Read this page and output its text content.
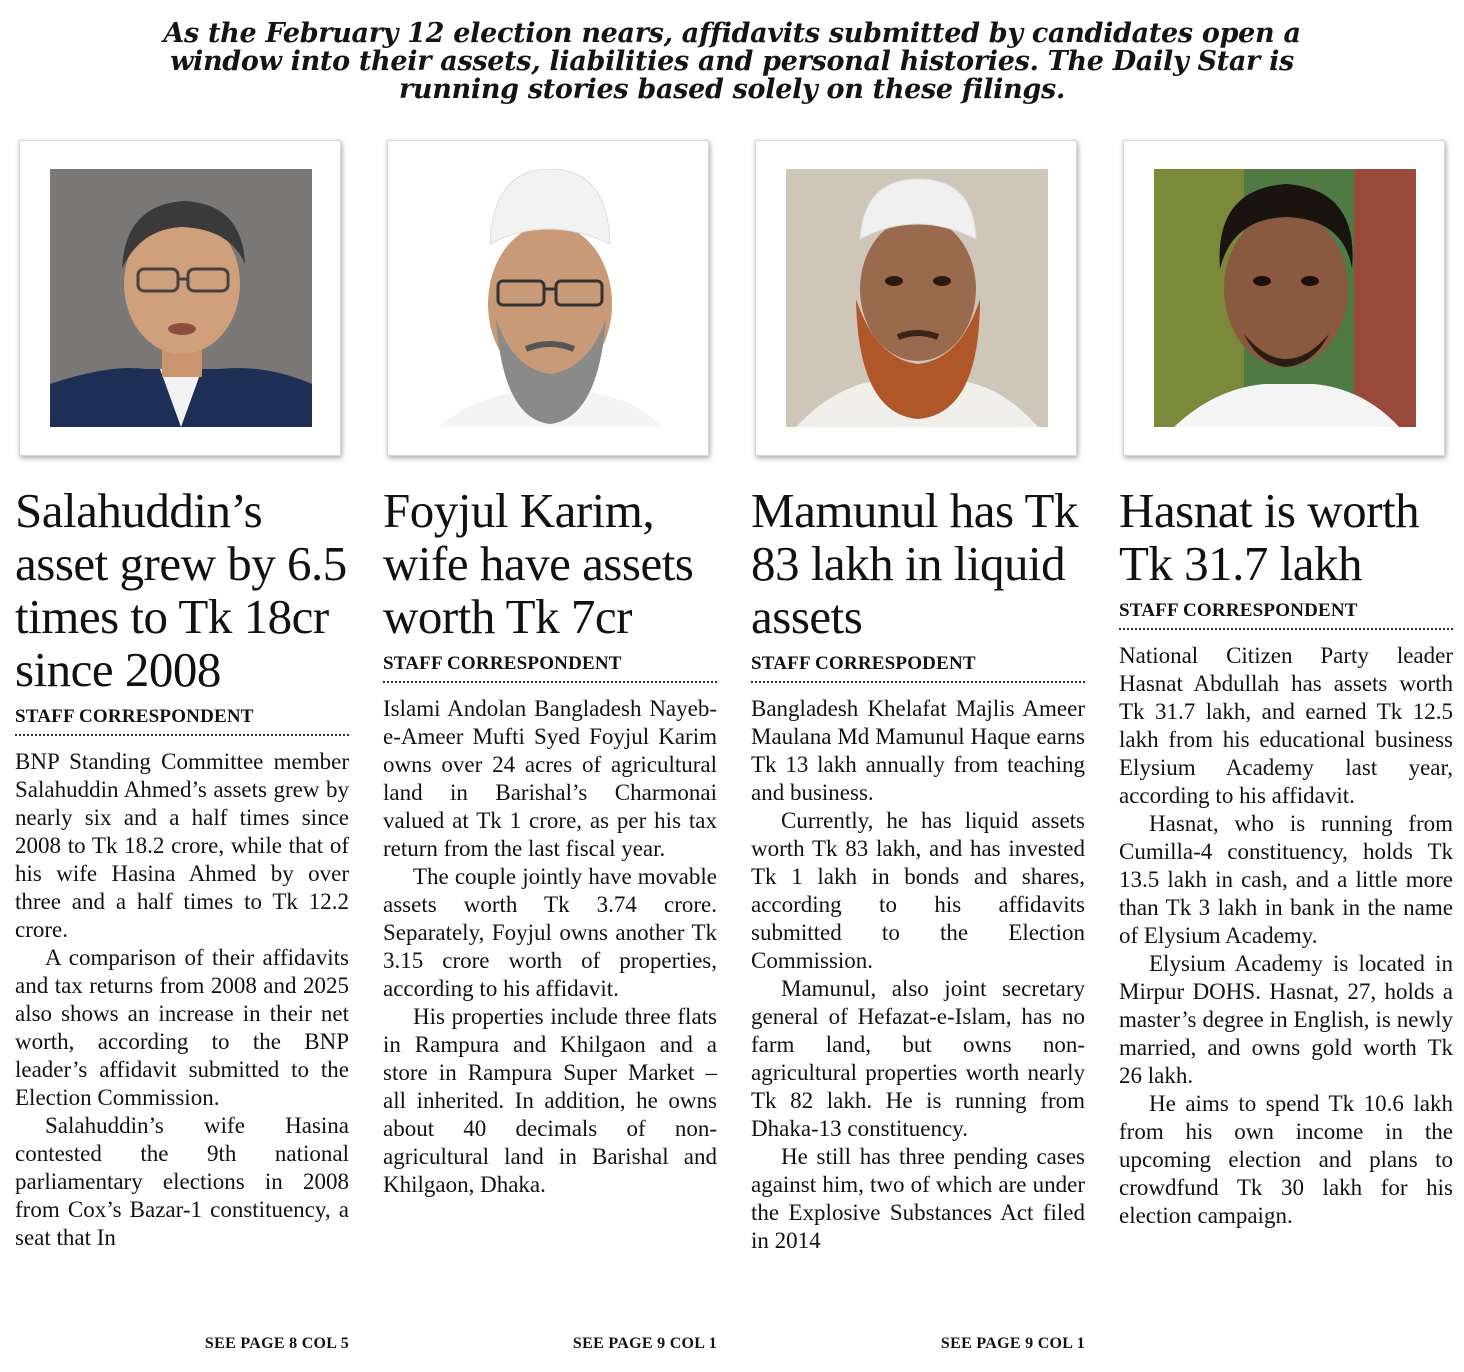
As the February 12 election nears, affidavits submitted by candidates open a window into their assets, liabilities and personal histories. The Daily Star is running stories based solely on these filings.
Salahuddin’s asset grew by 6.5 times to Tk 18cr since 2008
STAFF CORRESPONDENT

BNP Standing Committee member Salahuddin Ahmed’s assets grew by nearly six and a half times since 2008 to Tk 18.2 crore, while that of his wife Hasina Ahmed by over three and a half times to Tk 12.2 crore.

A comparison of their affidavits and tax returns from 2008 and 2025 also shows an increase in their net worth, according to the BNP leader’s affidavit submitted to the Election Commission.

Salahuddin’s wife Hasina contested the 9th national parliamentary elections in 2008 from Cox’s Bazar-1 constituency, a seat that In

SEE PAGE 8 COL 5
Foyjul Karim, wife have assets worth Tk 7cr
STAFF CORRESPONDENT

Islami Andolan Bangladesh Nayeb-e-Ameer Mufti Syed Foyjul Karim owns over 24 acres of agricultural land in Barishal’s Charmonai valued at Tk 1 crore, as per his tax return from the last fiscal year.

The couple jointly have movable assets worth Tk 3.74 crore. Separately, Foyjul owns another Tk 3.15 crore worth of properties, according to his affidavit.

His properties include three flats in Rampura and Khilgaon and a store in Rampura Super Market – all inherited. In addition, he owns about 40 decimals of non-agricultural land in Barishal and Khilgaon, Dhaka.

SEE PAGE 9 COL 1
Mamunul has Tk 83 lakh in liquid assets
STAFF CORRESPODENT

Bangladesh Khelafat Majlis Ameer Maulana Md Mamunul Haque earns Tk 13 lakh annually from teaching and business.

Currently, he has liquid assets worth Tk 83 lakh, and has invested Tk 1 lakh in bonds and shares, according to his affidavits submitted to the Election Commission.

Mamunul, also joint secretary general of Hefazat-e-Islam, has no farm land, but owns non-agricultural properties worth nearly Tk 82 lakh. He is running from Dhaka-13 constituency.

He still has three pending cases against him, two of which are under the Explosive Substances Act filed in 2014

SEE PAGE 9 COL 1
Hasnat is worth Tk 31.7 lakh
STAFF CORRESPONDENT

National Citizen Party leader Hasnat Abdullah has assets worth Tk 31.7 lakh, and earned Tk 12.5 lakh from his educational business Elysium Academy last year, according to his affidavit.

Hasnat, who is running from Cumilla-4 constituency, holds Tk 13.5 lakh in cash, and a little more than Tk 3 lakh in bank in the name of Elysium Academy.

Elysium Academy is located in Mirpur DOHS. Hasnat, 27, holds a master’s degree in English, is newly married, and owns gold worth Tk 26 lakh.

He aims to spend Tk 10.6 lakh from his own income in the upcoming election and plans to crowdfund Tk 30 lakh for his election campaign.
